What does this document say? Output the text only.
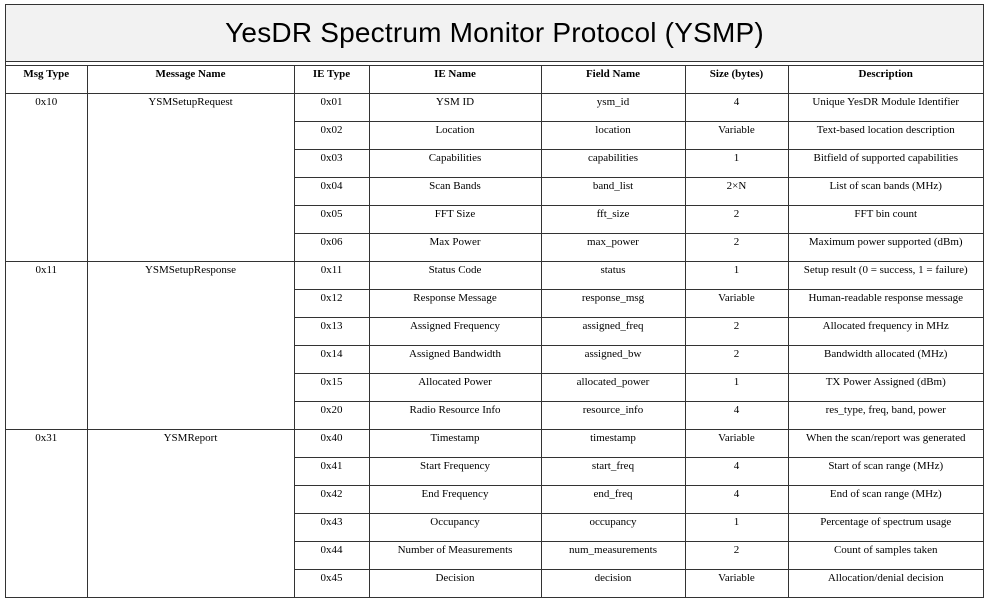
YesDR Spectrum Monitor Protocol (YSMP)
Msg Type	Message Name	IE Type	IE Name	Field Name	Size (bytes)	Description
0x10	YSMSetupRequest	0x01	YSM ID	ysm_id	4	Unique YesDR Module Identifier
		0x02	Location	location	Variable	Text-based location description
		0x03	Capabilities	capabilities	1	Bitfield of supported capabilities
		0x04	Scan Bands	band_list	2×N	List of scan bands (MHz)
		0x05	FFT Size	fft_size	2	FFT bin count
		0x06	Max Power	max_power	2	Maximum power supported (dBm)
0x11	YSMSetupResponse	0x11	Status Code	status	1	Setup result (0 = success, 1 = failure)
		0x12	Response Message	response_msg	Variable	Human-readable response message
		0x13	Assigned Frequency	assigned_freq	2	Allocated frequency in MHz
		0x14	Assigned Bandwidth	assigned_bw	2	Bandwidth allocated (MHz)
		0x15	Allocated Power	allocated_power	1	TX Power Assigned (dBm)
		0x20	Radio Resource Info	resource_info	4	res_type, freq, band, power
0x31	YSMReport	0x40	Timestamp	timestamp	Variable	When the scan/report was generated
		0x41	Start Frequency	start_freq	4	Start of scan range (MHz)
		0x42	End Frequency	end_freq	4	End of scan range (MHz)
		0x43	Occupancy	occupancy	1	Percentage of spectrum usage
		0x44	Number of Measurements	num_measurements	2	Count of samples taken
		0x45	Decision	decision	Variable	Allocation/denial decision
